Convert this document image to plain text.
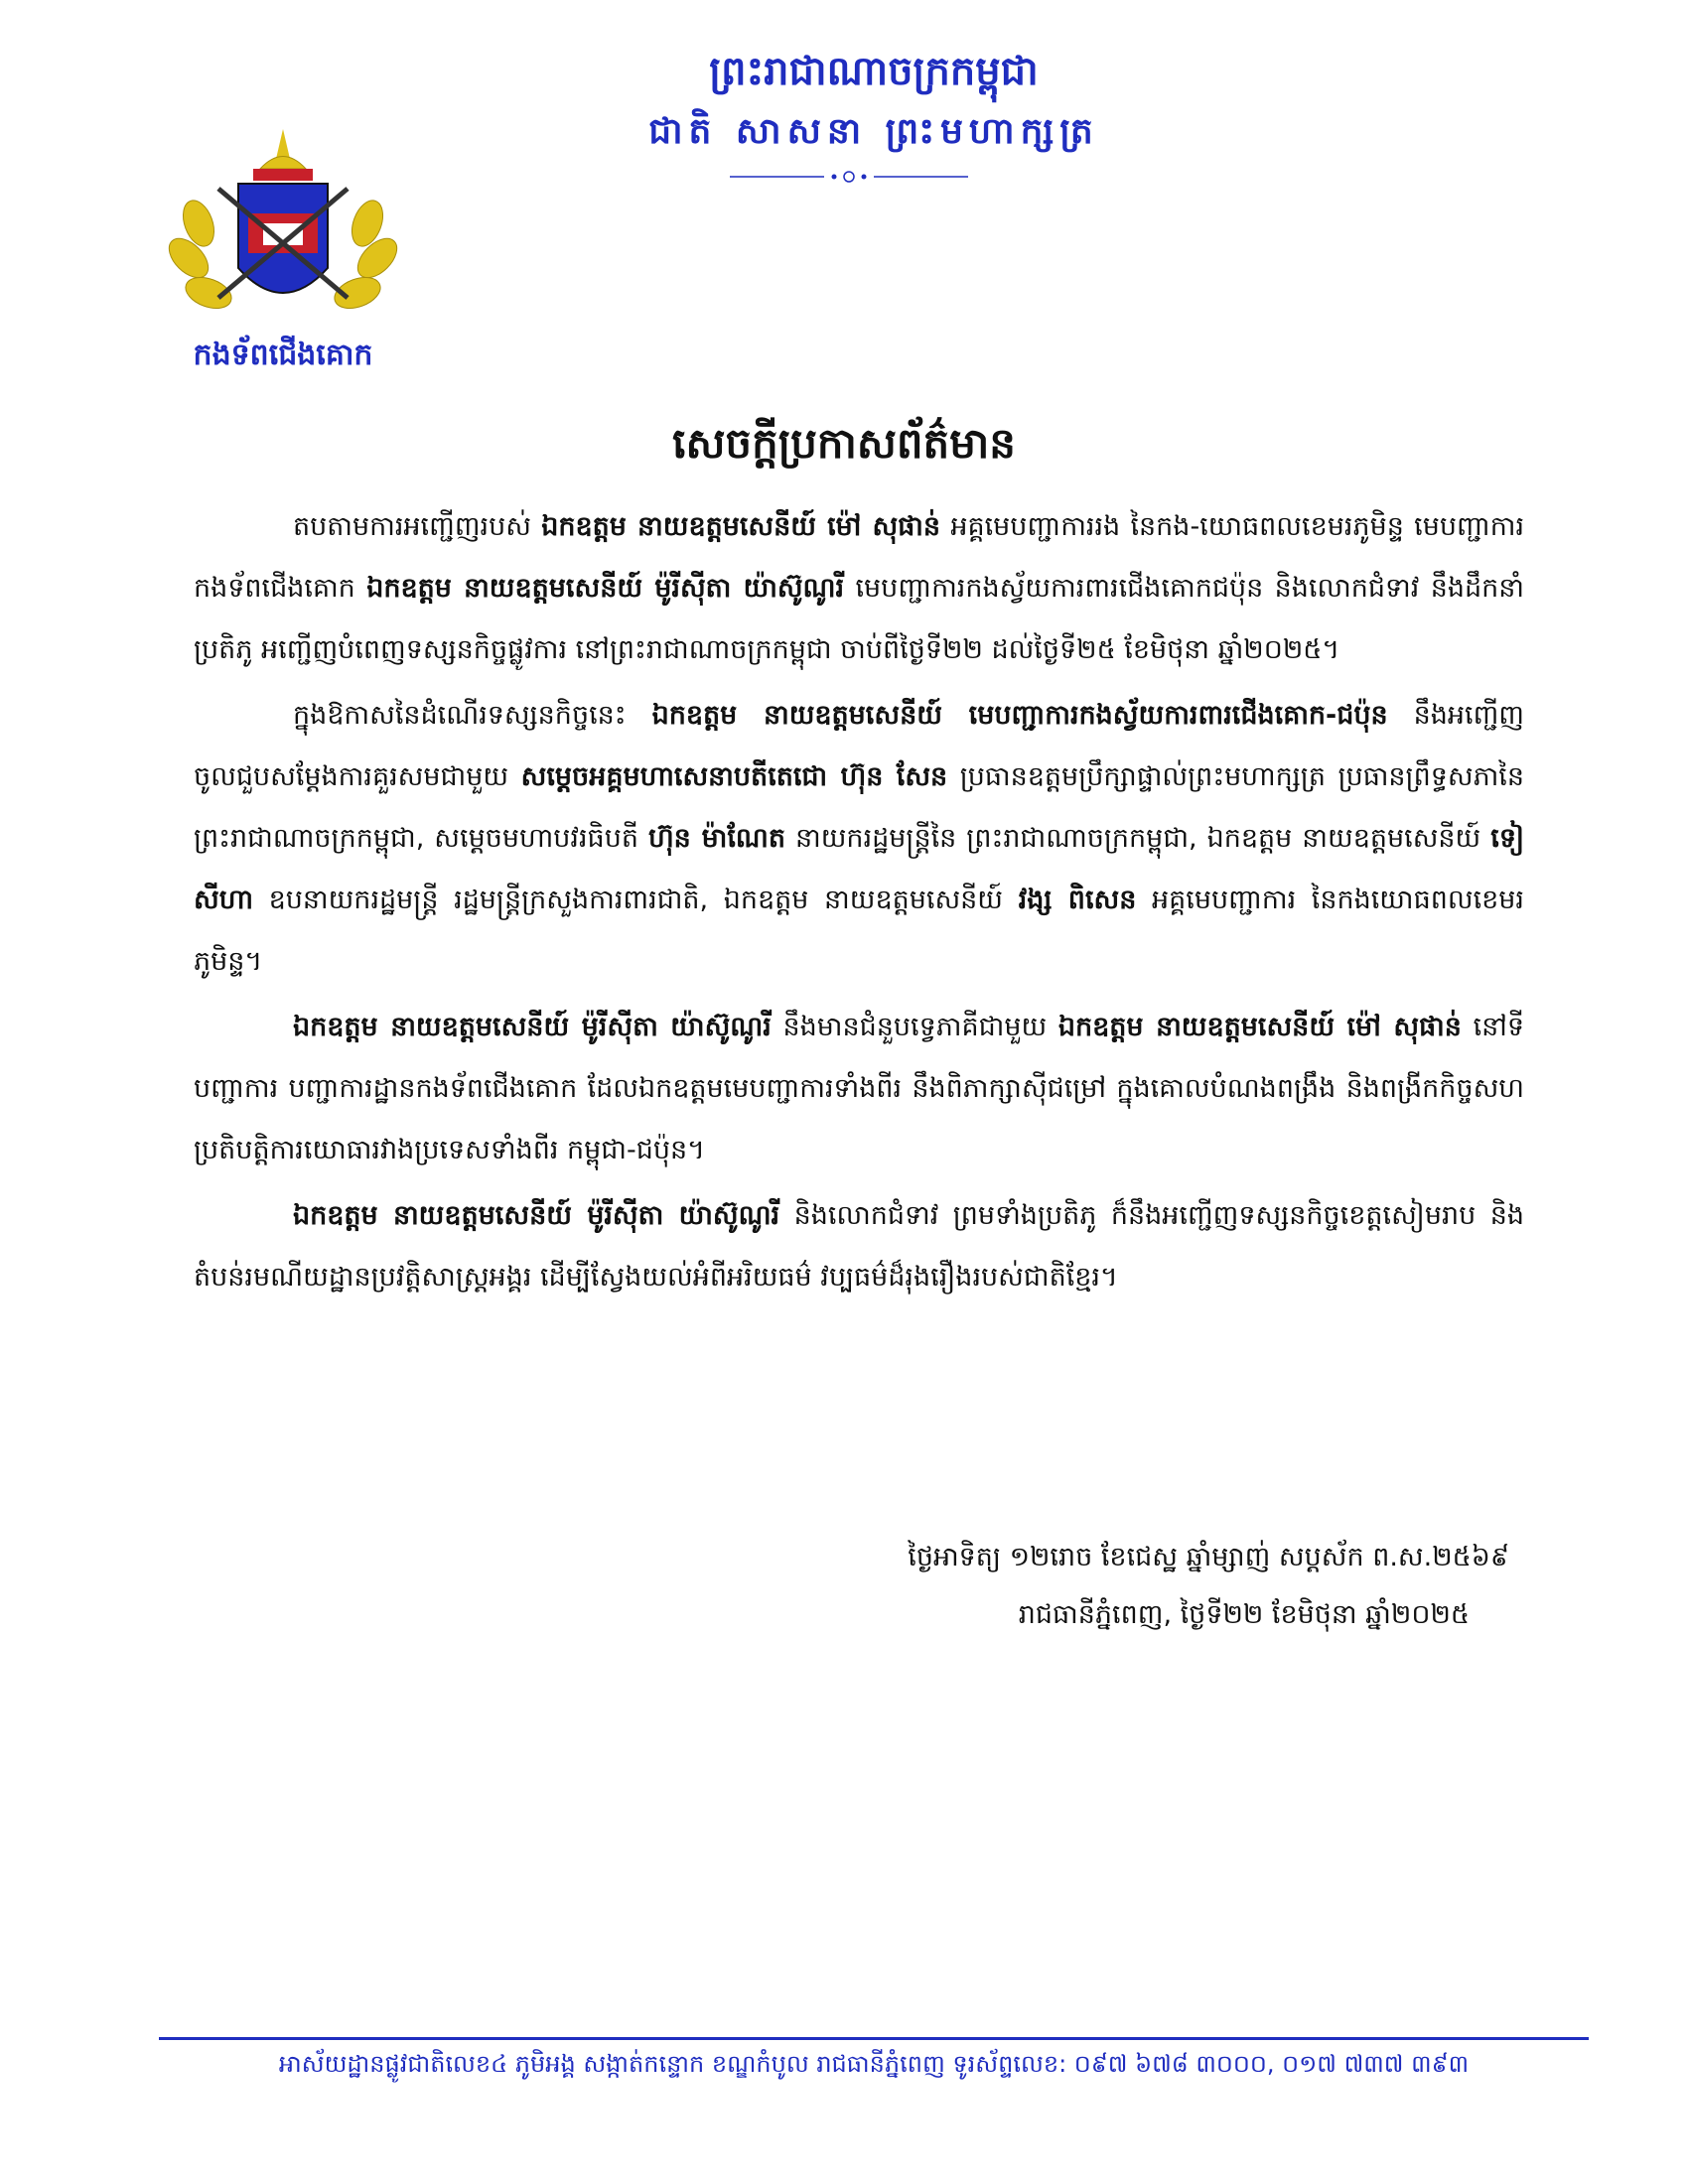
ព្រះរាជាណាចក្រកម្ពុជា
ជាតិ សាសនា ព្រះមហាក្សត្រ
កងទ័ពជើងគោក
សេចក្តីប្រកាសព័ត៌មាន

តបតាមការអញ្ជើញរបស់ ឯកឧត្តម នាយឧត្តមសេនីយ៍ ម៉ៅ សុផាន់ អគ្គមេបញ្ជាការរង នៃកង-យោធពលខេមរភូមិន្ទ មេបញ្ជាការកងទ័ពជើងគោក ឯកឧត្តម នាយឧត្តមសេនីយ៍ ម៉ូរីស៊ីតា យ៉ាស៊ូណូរី មេបញ្ជាការកងស្វ័យការពារជើងគោកជប៉ុន និងលោកជំទាវ នឹងដឹកនាំប្រតិភូ អញ្ជើញបំពេញទស្សនកិច្ចផ្លូវការ នៅព្រះរាជាណាចក្រកម្ពុជា ចាប់ពីថ្ងៃទី២២ ដល់ថ្ងៃទី២៥ ខែមិថុនា ឆ្នាំ២០២៥។

ក្នុងឱកាសនៃដំណើរទស្សនកិច្ចនេះ ឯកឧត្តម នាយឧត្តមសេនីយ៍ មេបញ្ជាការកងស្វ័យការពារជើងគោក-ជប៉ុន នឹងអញ្ជើញចូលជួបសម្តែងការគួរសមជាមួយ សម្តេចអគ្គមហាសេនាបតីតេជោ ហ៊ុន សែន ប្រធានឧត្តមប្រឹក្សាផ្ទាល់ព្រះមហាក្សត្រ ប្រធានព្រឹទ្ធសភានៃព្រះរាជាណាចក្រកម្ពុជា, សម្តេចមហាបវរធិបតី ហ៊ុន ម៉ាណែត នាយករដ្ឋមន្ត្រីនៃ ព្រះរាជាណាចក្រកម្ពុជា, ឯកឧត្តម នាយឧត្តមសេនីយ៍ ទៀ សីហា ឧបនាយករដ្ឋមន្ត្រី រដ្ឋមន្ត្រីក្រសួងការពារជាតិ, ឯកឧត្តម នាយឧត្តមសេនីយ៍ វង្ស ពិសេន អគ្គមេបញ្ជាការ នៃកងយោធពលខេមរភូមិន្ទ។

ឯកឧត្តម នាយឧត្តមសេនីយ៍ ម៉ូរីស៊ីតា យ៉ាស៊ូណូរី នឹងមានជំនួបទ្វេភាគីជាមួយ ឯកឧត្តម នាយឧត្តមសេនីយ៍ ម៉ៅ សុផាន់ នៅទីបញ្ជាការ បញ្ជាការដ្ឋានកងទ័ពជើងគោក ដែលឯកឧត្តមមេបញ្ជាការទាំងពីរ នឹងពិភាក្សាស៊ីជម្រៅ ក្នុងគោលបំណងពង្រឹង និងពង្រីកកិច្ចសហប្រតិបត្តិការយោធារវាងប្រទេសទាំងពីរ កម្ពុជា-ជប៉ុន។

ឯកឧត្តម នាយឧត្តមសេនីយ៍ ម៉ូរីស៊ីតា យ៉ាស៊ូណូរី និងលោកជំទាវ ព្រមទាំងប្រតិភូ ក៏នឹងអញ្ជើញទស្សនកិច្ចខេត្តសៀមរាប និងតំបន់រមណីយដ្ឋានប្រវត្តិសាស្ត្រអង្គរ ដើម្បីស្វែងយល់អំពីអរិយធម៌ វប្បធម៌ដ៏រុងរឿងរបស់ជាតិខ្មែរ។

ថ្ងៃអាទិត្យ ១២រោច ខែជេស្ឋ ឆ្នាំម្សាញ់ សប្តស័ក ព.ស.២៥៦៩
រាជធានីភ្នំពេញ, ថ្ងៃទី២២ ខែមិថុនា ឆ្នាំ២០២៥
អាស័យដ្ឋានផ្លូវជាតិលេខ៤ ភូមិអង្គ សង្កាត់កន្ទោក ខណ្ឌកំបូល រាជធានីភ្នំពេញ ទូរស័ព្ទលេខ: ០៩៧ ៦៧៨ ៣០០០, ០១៧ ៧៣៧ ៣៩៣
